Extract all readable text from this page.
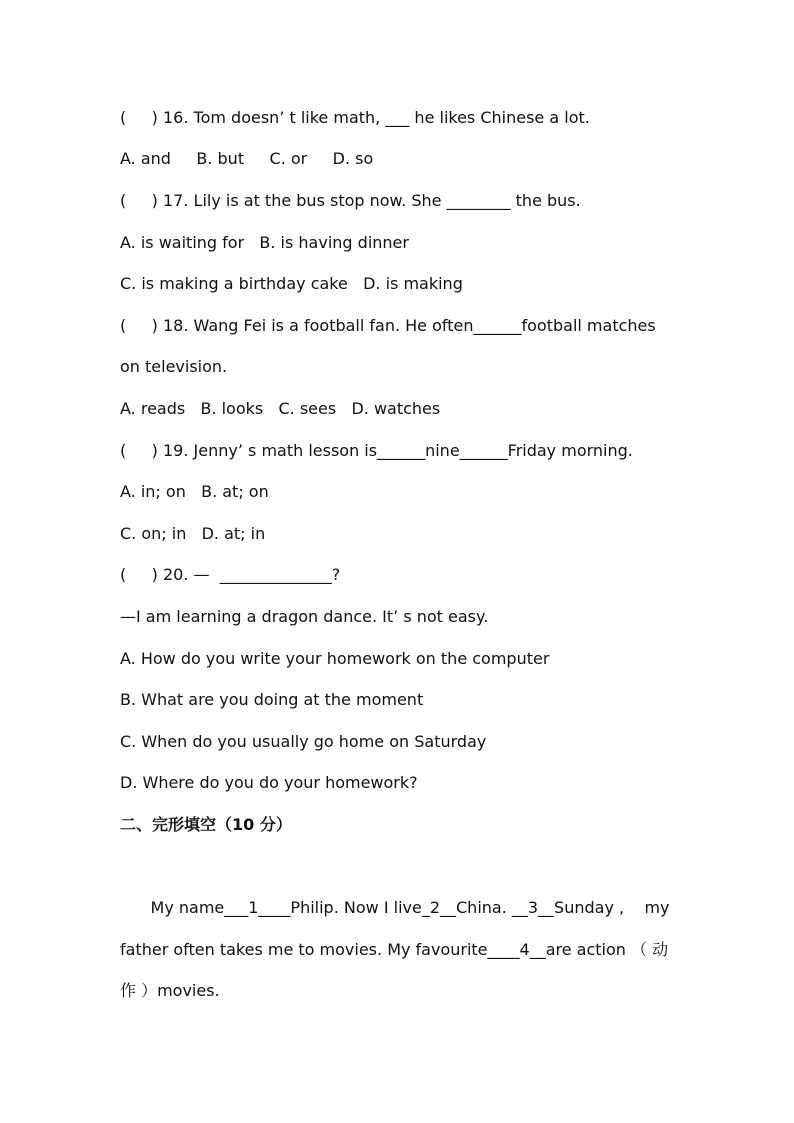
(     ) 16. Tom doesn’ t like math, ___ he likes Chinese a lot.
A. and     B. but     C. or     D. so
(     ) 17. Lily is at the bus stop now. She ________ the bus.
A. is waiting for   B. is having dinner
C. is making a birthday cake   D. is making
(     ) 18. Wang Fei is a football fan. He often______football matches
on television.
A. reads   B. looks   C. sees   D. watches
(     ) 19. Jenny’ s math lesson is______nine______Friday morning.
A. in; on   B. at; on
C. on; in   D. at; in
(     ) 20. —  ______________?
—I am learning a dragon dance. It’ s not easy.
A. How do you write your homework on the computer
B. What are you doing at the moment
C. When do you usually go home on Saturday
D. Where do you do your homework?
二、完形填空（10 分）
My name___1____Philip. Now I live_2__China. __3__Sunday ,    my
father often takes me to movies. My favourite____4__are action （ 动
作 ）movies.
